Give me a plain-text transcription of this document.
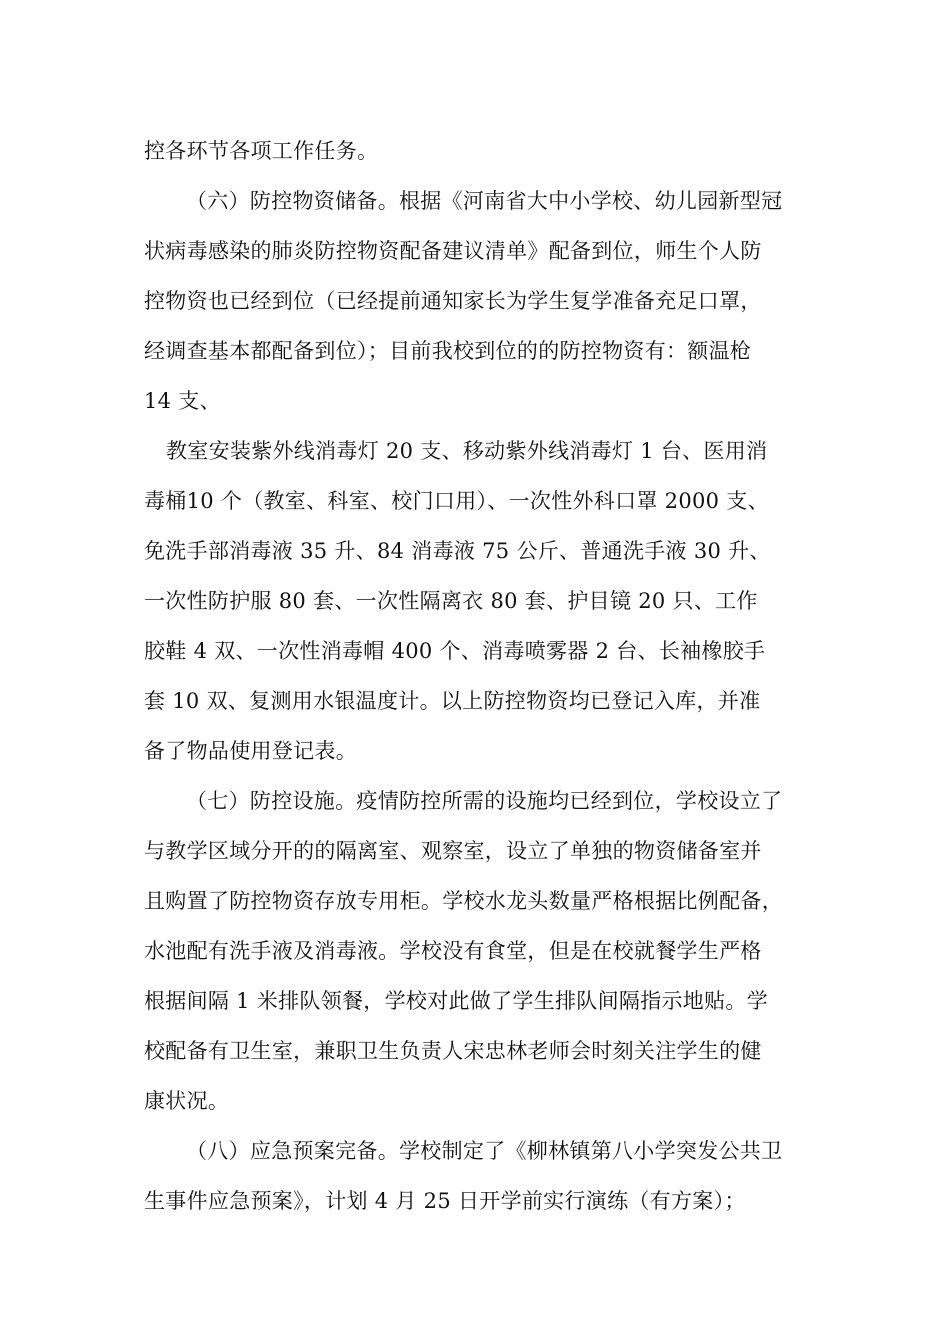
控各环节各项工作任务。
（六）防控物资储备。根据《河南省大中小学校、幼儿园新型冠
状病毒感染的肺炎防控物资配备建议清单》配备到位，师生个人防
控物资也已经到位（已经提前通知家长为学生复学准备充足口罩，
经调查基本都配备到位）；目前我校到位的的防控物资有：额温枪
14 支、
教室安装紫外线消毒灯 20 支、移动紫外线消毒灯 1 台、医用消
毒桶10 个（教室、科室、校门口用）、一次性外科口罩 2000 支、
免洗手部消毒液 35 升、84 消毒液 75 公斤、普通洗手液 30 升、
一次性防护服 80 套、一次性隔离衣 80 套、护目镜 20 只、工作
胶鞋 4 双、一次性消毒帽 400 个、消毒喷雾器 2 台、长袖橡胶手
套 10 双、复测用水银温度计。以上防控物资均已登记入库，并准
备了物品使用登记表。
（七）防控设施。疫情防控所需的设施均已经到位，学校设立了
与教学区域分开的的隔离室、观察室，设立了单独的物资储备室并
且购置了防控物资存放专用柜。学校水龙头数量严格根据比例配备，
水池配有洗手液及消毒液。学校没有食堂，但是在校就餐学生严格
根据间隔 1 米排队领餐，学校对此做了学生排队间隔指示地贴。学
校配备有卫生室，兼职卫生负责人宋忠林老师会时刻关注学生的健
康状况。
（八）应急预案完备。学校制定了《柳林镇第八小学突发公共卫
生事件应急预案》，计划 4 月 25 日开学前实行演练（有方案）；
